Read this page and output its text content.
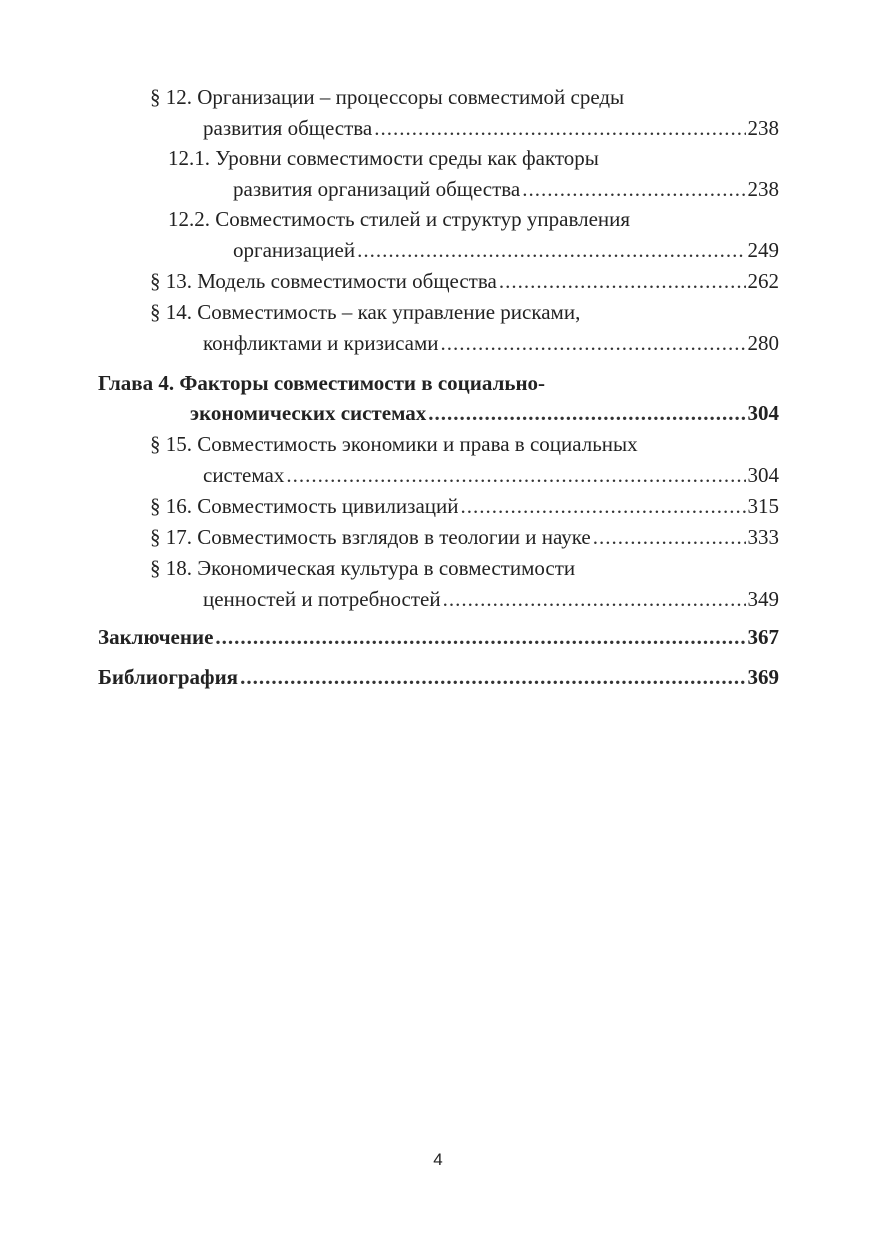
§ 12. Организации – процессоры совместимой среды
развития общества .....	238
12.1. Уровни совместимости среды как факторы
развития организаций общества .....	238
12.2. Совместимость стилей и структур управления
организацией .....	249
§ 13. Модель совместимости общества .....	262
§ 14. Совместимость – как управление рисками,
конфликтами и кризисами .....	280
Глава 4. Факторы совместимости в социально-
экономических системах .....	304
§ 15. Совместимость экономики и права в социальных
системах .....	304
§ 16. Совместимость цивилизаций .....	315
§ 17. Совместимость взглядов в теологии и науке .....	333
§ 18. Экономическая культура в совместимости
ценностей и потребностей .....	349
Заключение .....	367
Библиография .....	369
4
